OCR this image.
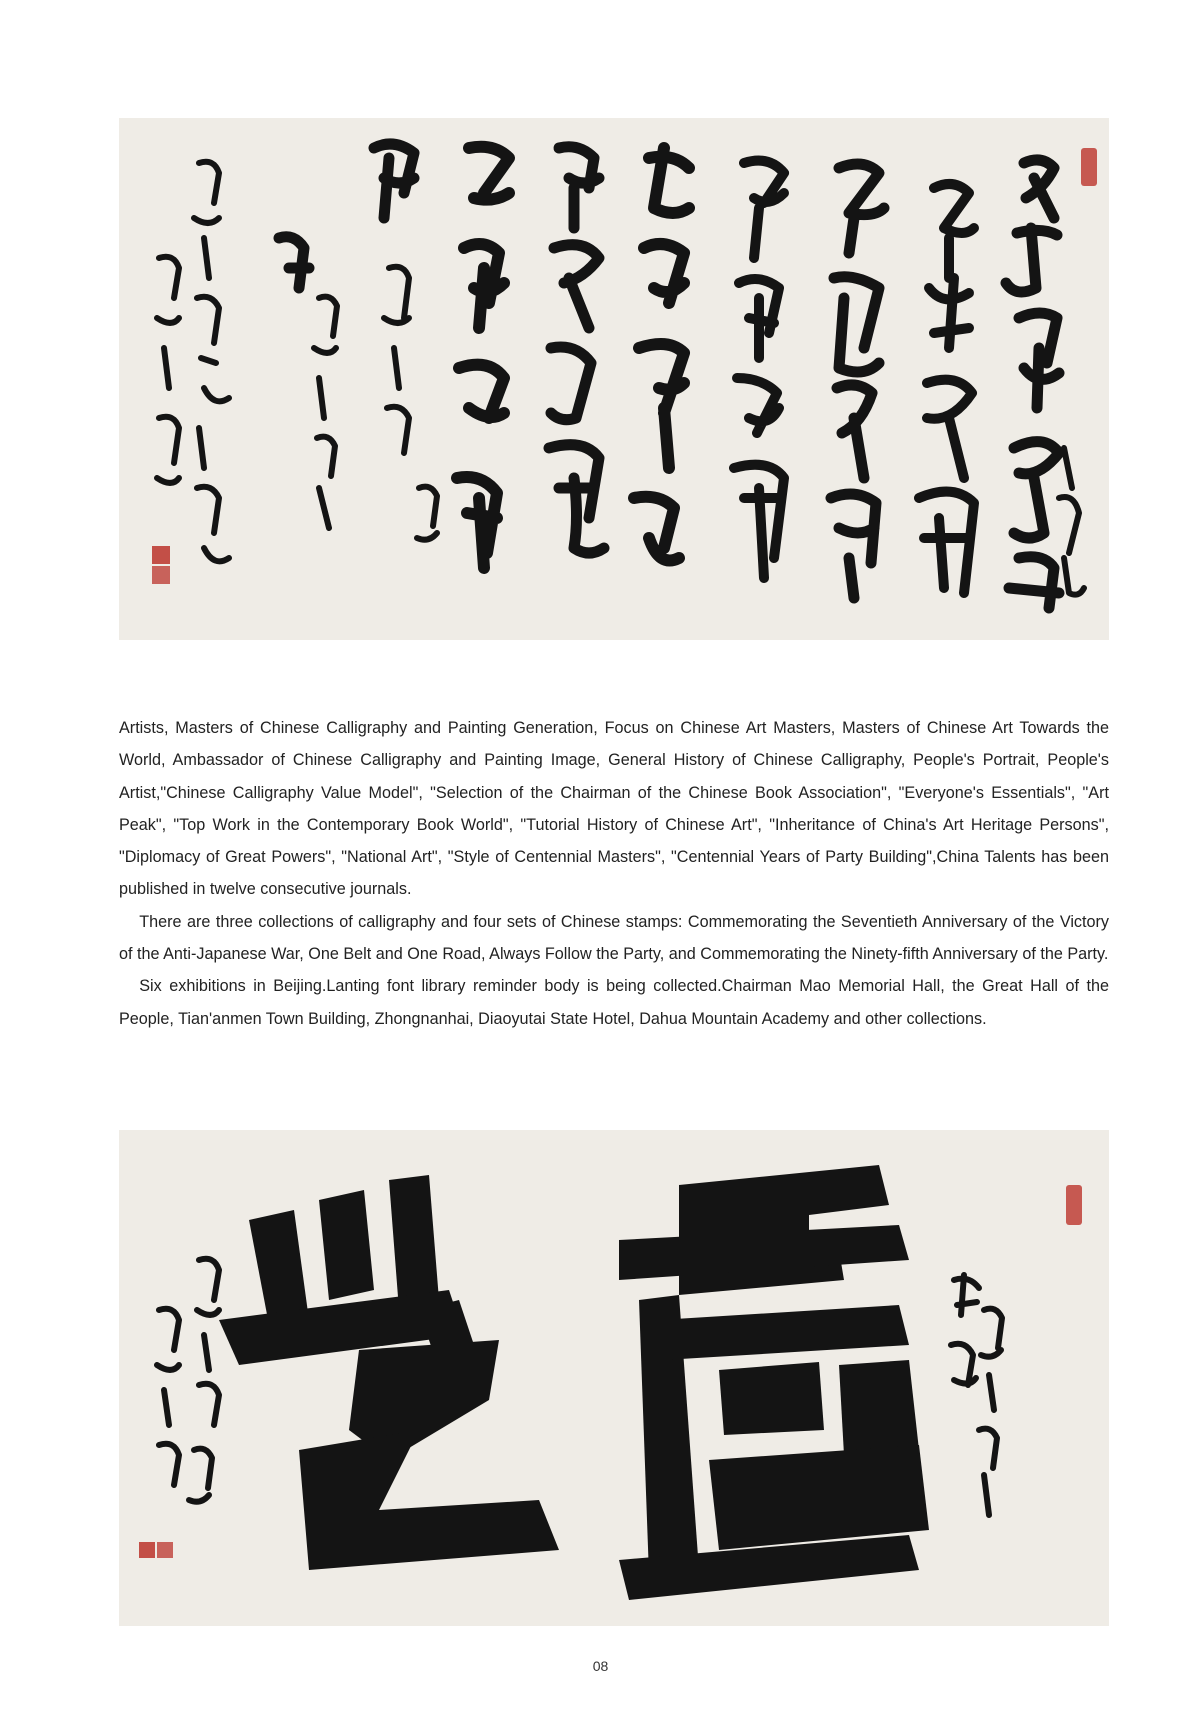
Artists, Masters of Chinese Calligraphy and Painting Generation, Focus on Chinese Art Masters, Masters of Chinese Art Towards the World, Ambassador of Chinese Calligraphy and Painting Image, General History of Chinese Calligraphy, People's Portrait, People's Artist,"Chinese Calligraphy Value Model", "Selection of the Chairman of the Chinese Book Association", "Everyone's Essentials", "Art Peak", "Top Work in the Contemporary Book World", "Tutorial History of Chinese Art", "Inheritance of China's Art Heritage Persons", "Diplomacy of Great Powers", "National Art", "Style of Centennial Masters", "Centennial Years of Party Building",China Talents has been published in twelve consecutive journals.

There are three collections of calligraphy and four sets of Chinese stamps: Commemorating the Seventieth Anniversary of the Victory of the Anti-Japanese War, One Belt and One Road, Always Follow the Party, and Commemorating the Ninety-fifth Anniversary of the Party.

Six exhibitions in Beijing.Lanting font library reminder body is being collected.Chairman Mao Memorial Hall, the Great Hall of the People, Tian'anmen Town Building, Zhongnanhai, Diaoyutai State Hotel, Dahua Mountain Academy and other collections.

08
